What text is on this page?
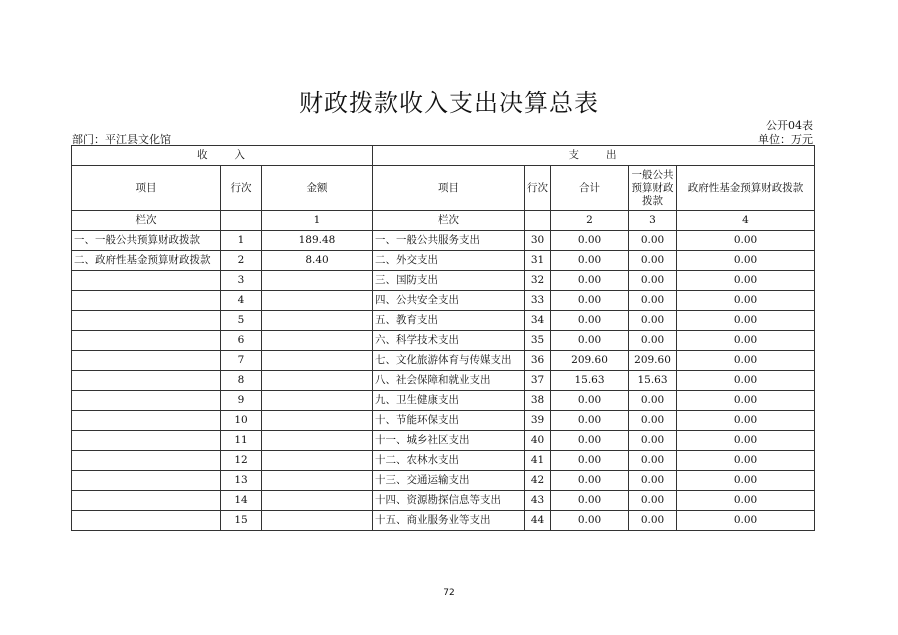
财政拨款收入支出决算总表
公开04表
部门：平江县文化馆	单位：万元
收　　入			支　　出				
项目	行次	金额	项目	行次	合计	一般公共预算财政拨款	政府性基金预算财政拨款
栏次		1	栏次		2	3	4
一、一般公共预算财政拨款	1	189.48	一、一般公共服务支出	30	0.00	0.00	0.00
二、政府性基金预算财政拨款	2	8.40	二、外交支出	31	0.00	0.00	0.00
	3		三、国防支出	32	0.00	0.00	0.00
	4		四、公共安全支出	33	0.00	0.00	0.00
	5		五、教育支出	34	0.00	0.00	0.00
	6		六、科学技术支出	35	0.00	0.00	0.00
	7		七、文化旅游体育与传媒支出	36	209.60	209.60	0.00
	8		八、社会保障和就业支出	37	15.63	15.63	0.00
	9		九、卫生健康支出	38	0.00	0.00	0.00
	10		十、节能环保支出	39	0.00	0.00	0.00
	11		十一、城乡社区支出	40	0.00	0.00	0.00
	12		十二、农林水支出	41	0.00	0.00	0.00
	13		十三、交通运输支出	42	0.00	0.00	0.00
	14		十四、资源勘探信息等支出	43	0.00	0.00	0.00
	15		十五、商业服务业等支出	44	0.00	0.00	0.00
72
